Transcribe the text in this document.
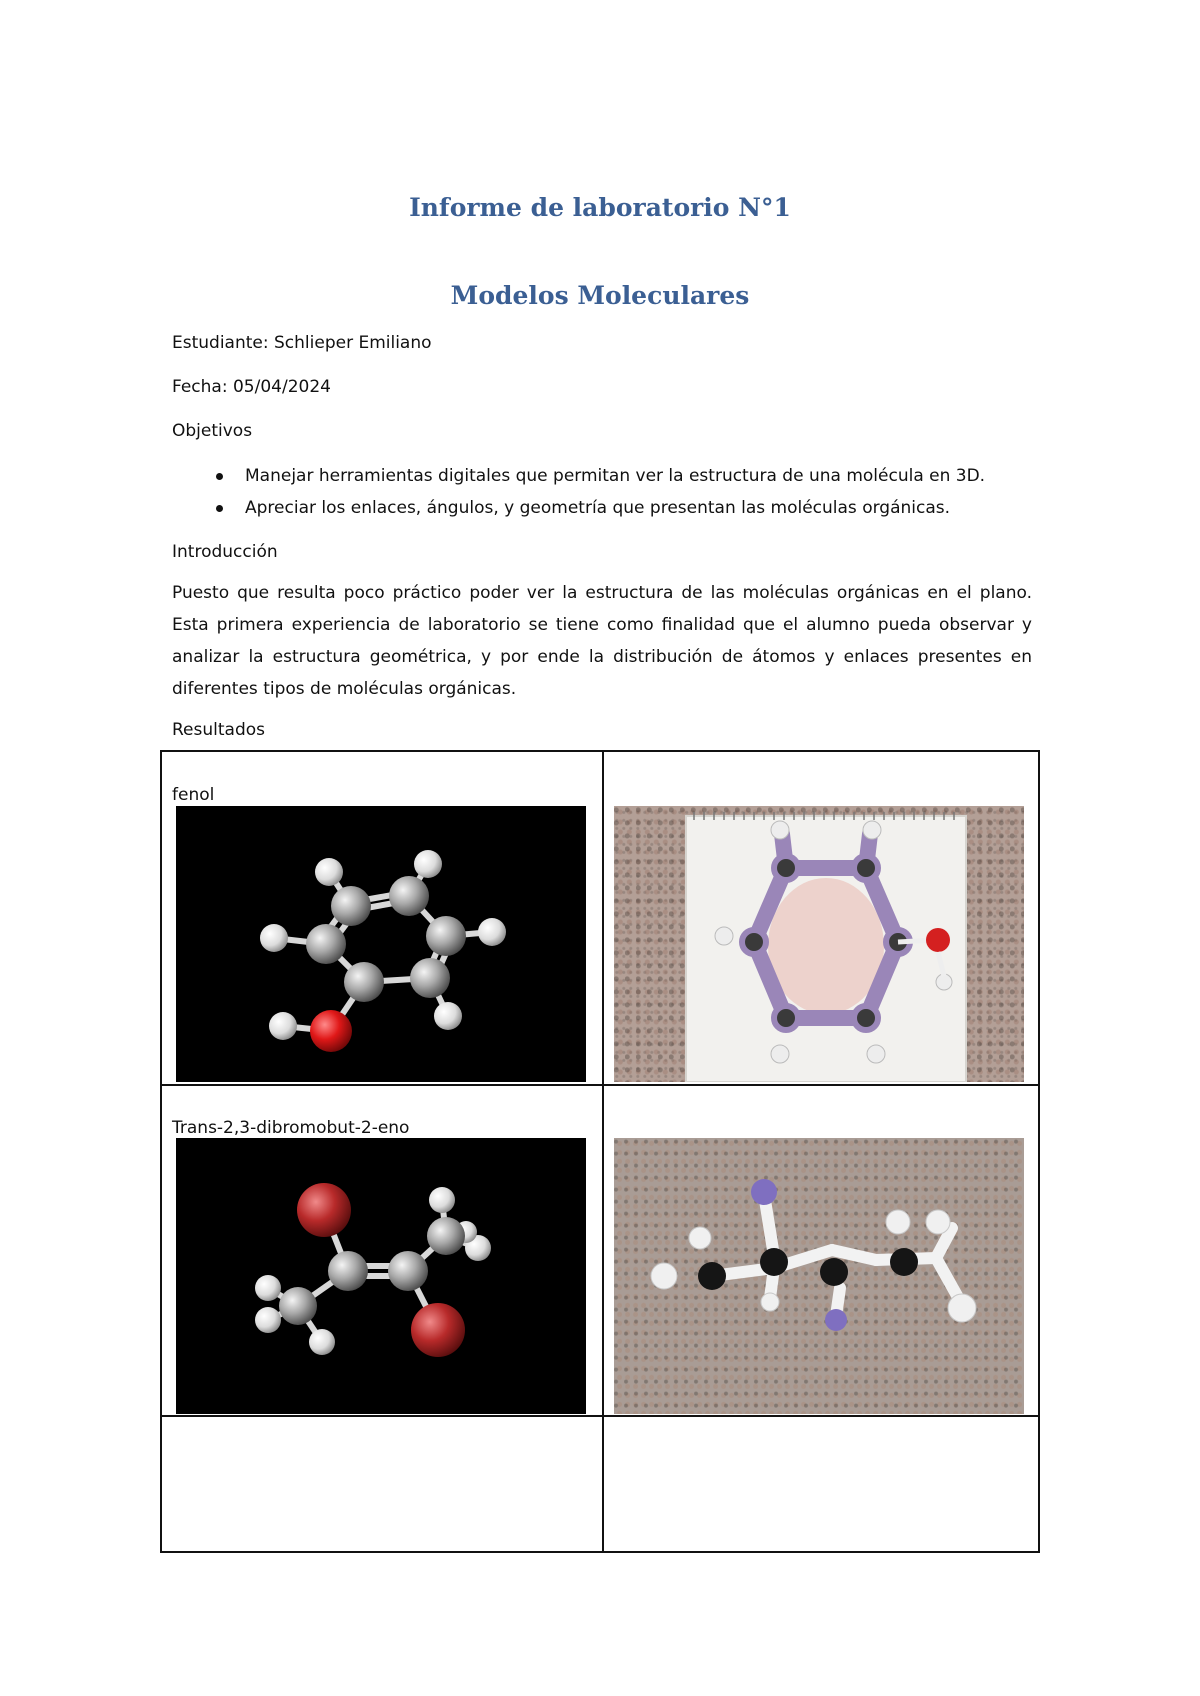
Informe de laboratorio N°1
Modelos Moleculares

Estudiante: Schlieper Emiliano

Fecha: 05/04/2024

Objetivos

Manejar herramientas digitales que permitan ver la estructura de una molécula en 3D.
Apreciar los enlaces, ángulos, y geometría que presentan las moléculas orgánicas.

Introducción

Puesto que resulta poco práctico poder ver la estructura de las moléculas orgánicas en el plano. Esta primera experiencia de laboratorio se tiene como finalidad que el alumno pueda observar y analizar la estructura geométrica, y por ende la distribución de átomos y enlaces presentes en diferentes tipos de moléculas orgánicas.

Resultados

fenol

Trans-2,3-dibromobut-2-eno
